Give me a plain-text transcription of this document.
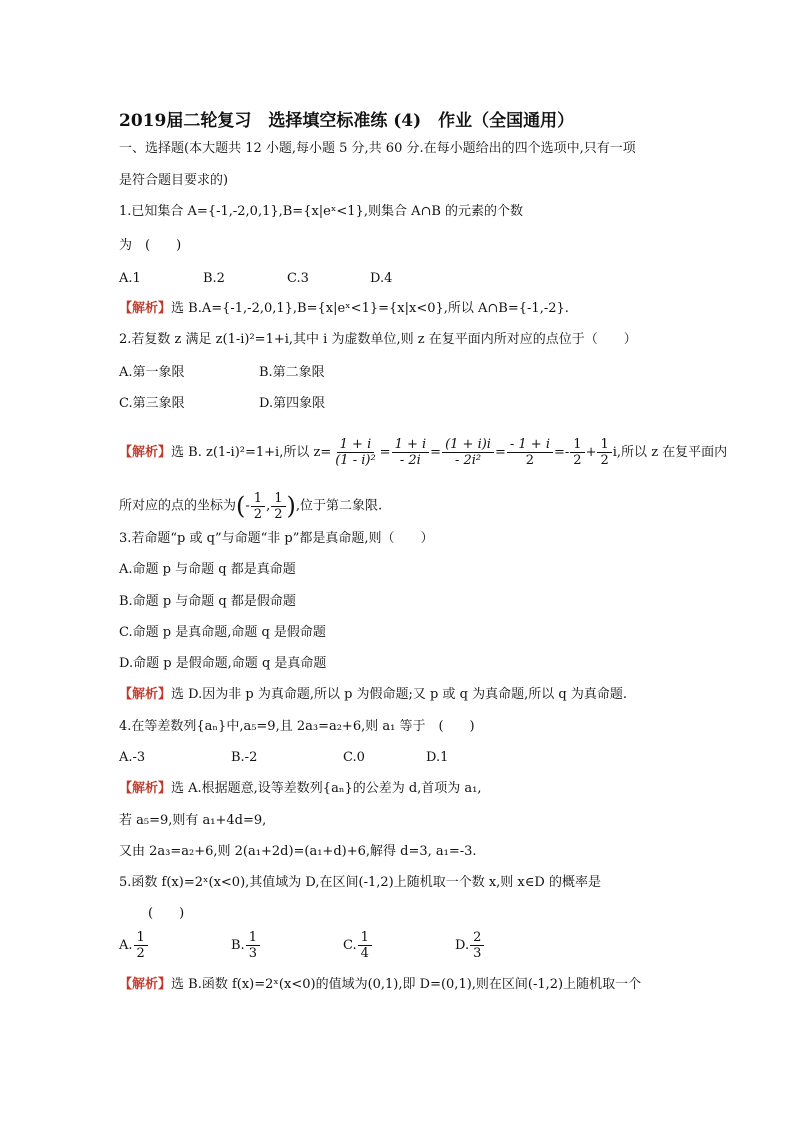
2019届二轮复习　选择填空标准练 (4)　作业（全国通用）
一、选择题(本大题共 12 小题,每小题 5 分,共 60 分.在每小题给出的四个选项中,只有一项
是符合题目要求的)
1.已知集合 A={-1,-2,0,1},B={x|eˣ<1},则集合 A∩B 的元素的个数
为　(　　)
A.1	B.2	C.3	D.4
【解析】选 B.A={-1,-2,0,1},B={x|eˣ<1}={x|x<0},所以 A∩B={-1,-2}.
2.若复数 z 满足 z(1-i)²=1+i,其中 i 为虚数单位,则 z 在复平面内所对应的点位于（　　）
A.第一象限	B.第二象限
C.第三象限	D.第四象限
【解析】选 B. z(1-i)²=1+i,所以 $z= \frac{1 + i}{\text{(1 - i)²}} = \frac{1 + i}{- 2i} = \frac{(1 + i)i}{\text{- 2i²}} = \frac{- 1 + i}{2} =- \frac{1}{2} + \frac{1}{2} i$,所以 z 在复平面内
所对应的点的坐标为(- $\frac{1}{2}$ , $\frac{1}{2}$ ),位于第二象限.
3.若命题“p 或 q”与命题“非 p”都是真命题,则（　　）
A.命题 p 与命题 q 都是真命题
B.命题 p 与命题 q 都是假命题
C.命题 p 是真命题,命题 q 是假命题
D.命题 p 是假命题,命题 q 是真命题
【解析】选 D.因为非 p 为真命题,所以 p 为假命题;又 p 或 q 为真命题,所以 q 为真命题.
4.在等差数列{aₙ}中,a₅=9,且 2a₃=a₂+6,则 a₁ 等于　(　　)
A.-3	B.-2	C.0	D.1
【解析】选 A.根据题意,设等差数列{aₙ}的公差为 d,首项为 a₁,
若 a₅=9,则有 a₁+4d=9,
又由 2a₃=a₂+6,则 2(a₁+2d)=(a₁+d)+6,解得 d=3, a₁=-3.
5.函数 f(x)=2ˣ(x<0),其值域为 D,在区间(-1,2)上随机取一个数 x,则 x∈D 的概率是
(　　)
A. $\frac{1}{2}$	B. $\frac{1}{3}$	C. $\frac{1}{4}$	D. $\frac{2}{3}$
【解析】选 B.函数 f(x)=2ˣ(x<0)的值域为(0,1),即 D=(0,1),则在区间(-1,2)上随机取一个
